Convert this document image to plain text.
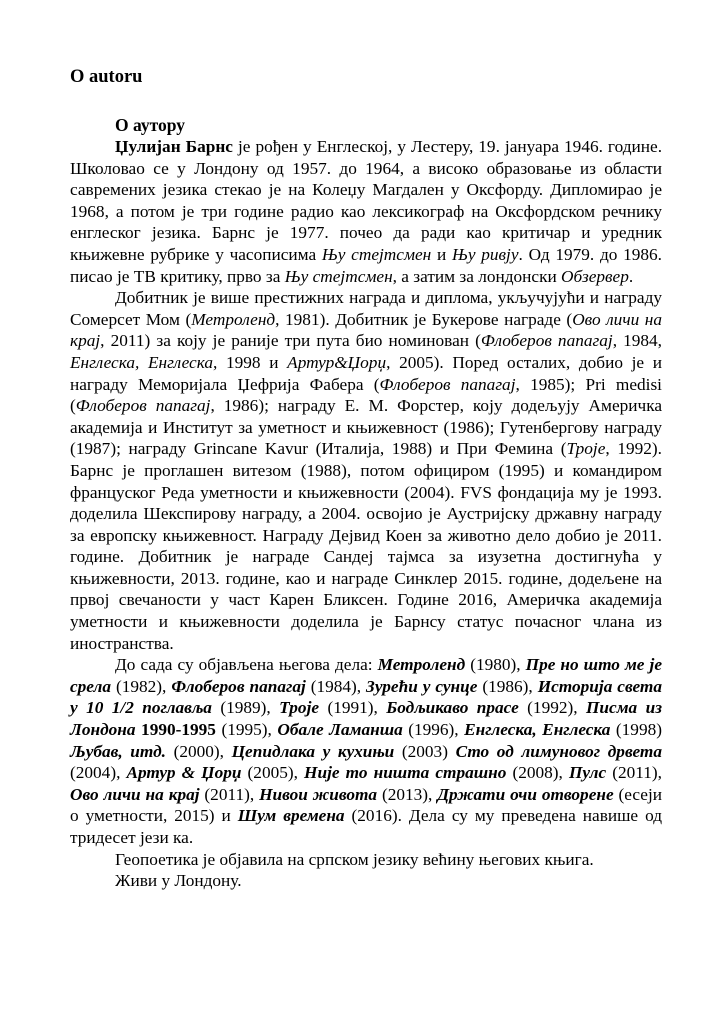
O autoru
О аутору

Џулијан Барнс је рођен у Енглеској, у Лестеру, 19. јануара 1946. године. Школовао се у Лондону од 1957. до 1964, а високо образовање из области савремених језика стекао је на Колеџу Магдален у Оксфорду. Дипломирао је 1968, а потом је три године радио као лексикограф на Оксфордском речнику енглеског језика. Барнс је 1977. почео да ради као критичар и уредник књижевне рубрике у часописима Њу стејтсмен и Њу ривју. Од 1979. до 1986. писао је ТВ критику, прво за Њу стејтсмен, а затим за лондонски Обзервер.

Добитник је више престижних награда и диплома, укључујући и награду Сомерсет Мом (Метроленд, 1981). Добитник је Букерове награде (Ово личи на крај, 2011) за коју је раније три пута био номинован (Флоберов папагај, 1984, Енглеска, Енглеска, 1998 и Артур&Џорџ, 2005). Поред осталих, добио је и награду Меморијала Џефрија Фабера (Флоберов папагај, 1985); Pri medisi (Флоберов папагај, 1986); награду Е. М. Форстер, коју додељују Америчка академија и Институт за уметност и књижевност (1986); Гутенбергову награду (1987); награду Grincane Kavur (Италија, 1988) и При Фемина (Троје, 1992). Барнс је проглашен витезом (1988), потом официром (1995) и командиром француског Реда уметности и књижевности (2004). FVS фондација му је 1993. доделила Шекспирову награду, а 2004. освојио је Аустријску државну награду за европску књижевност. Награду Дејвид Коен за животно дело добио је 2011. године. Добитник је награде Сандеј тајмса за изузетна достигнућа у књижевности, 2013. године, као и награде Синклер 2015. године, додељене на првој свечаности у част Карен Бликсен. Године 2016, Америчка академија уметности и књижевности доделила је Барнсу статус почасног члана из иностранства.

До сада су објављена његова дела: Метроленд (1980), Пре но што ме је срела (1982), Флоберов папагај (1984), Зурећи у сунце (1986), Историја света у 10 1/2 поглавља (1989), Троје (1991), Бодљикаво прасе (1992), Писма из Лондона 1990-1995 (1995), Обале Ламанша (1996), Енглеска, Енглеска (1998) Љубав, итд. (2000), Цепидлака у кухињи (2003) Сто од лимуновог дрвета (2004), Артур & Џорџ (2005), Није то ништа страшно (2008), Пулс (2011), Ово личи на крај (2011), Нивои живота (2013), Држати очи отворене (есеји о уметности, 2015) и Шум времена (2016). Дела су му преведена навише од тридесет јези ка.

Геопоетика је објавила на српском језику већину његових књига.

Живи у Лондону.
